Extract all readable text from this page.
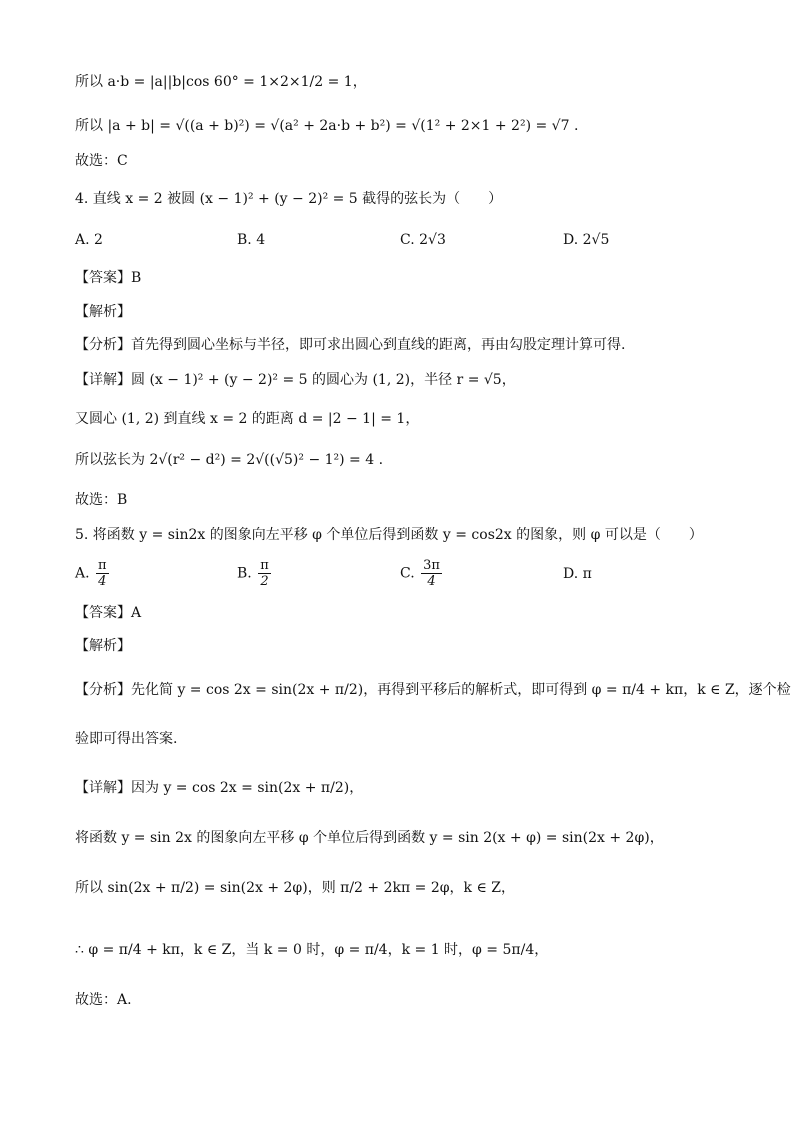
所以 a·b = |a||b|cos 60° = 1×2×1/2 = 1，
所以 |a + b| = √((a + b)²) = √(a² + 2a·b + b²) = √(1² + 2×1 + 2²) = √7 .
故选：C
4. 直线 x = 2 被圆 (x − 1)² + (y − 2)² = 5 截得的弦长为（　　）
A. 2	B. 4	C. 2√3	D. 2√5
【答案】B
【解析】
【分析】首先得到圆心坐标与半径，即可求出圆心到直线的距离，再由勾股定理计算可得.
【详解】圆 (x − 1)² + (y − 2)² = 5 的圆心为 (1, 2)，半径 r = √5，
又圆心 (1, 2) 到直线 x = 2 的距离 d = |2 − 1| = 1，
所以弦长为 2√(r² − d²) = 2√((√5)² − 1²) = 4 .
故选：B
5. 将函数 y = sin2x 的图象向左平移 φ 个单位后得到函数 y = cos2x 的图象，则 φ 可以是（　　）
A. $\frac{\pi}{4}$	B. $\frac{\pi}{2}$	C. $\frac{3\pi}{4}$	D. π
【答案】A
【解析】
【分析】先化简 y = cos 2x = sin(2x + π/2)，再得到平移后的解析式，即可得到 φ = π/4 + kπ，k ∈ Z，逐个检
验即可得出答案.
【详解】因为 y = cos 2x = sin(2x + π/2)，
将函数 y = sin 2x 的图象向左平移 φ 个单位后得到函数 y = sin 2(x + φ) = sin(2x + 2φ)，
所以 sin(2x + π/2) = sin(2x + 2φ)，则 π/2 + 2kπ = 2φ，k ∈ Z，
∴ φ = π/4 + kπ，k ∈ Z，当 k = 0 时，φ = π/4，k = 1 时，φ = 5π/4，
故选：A.
